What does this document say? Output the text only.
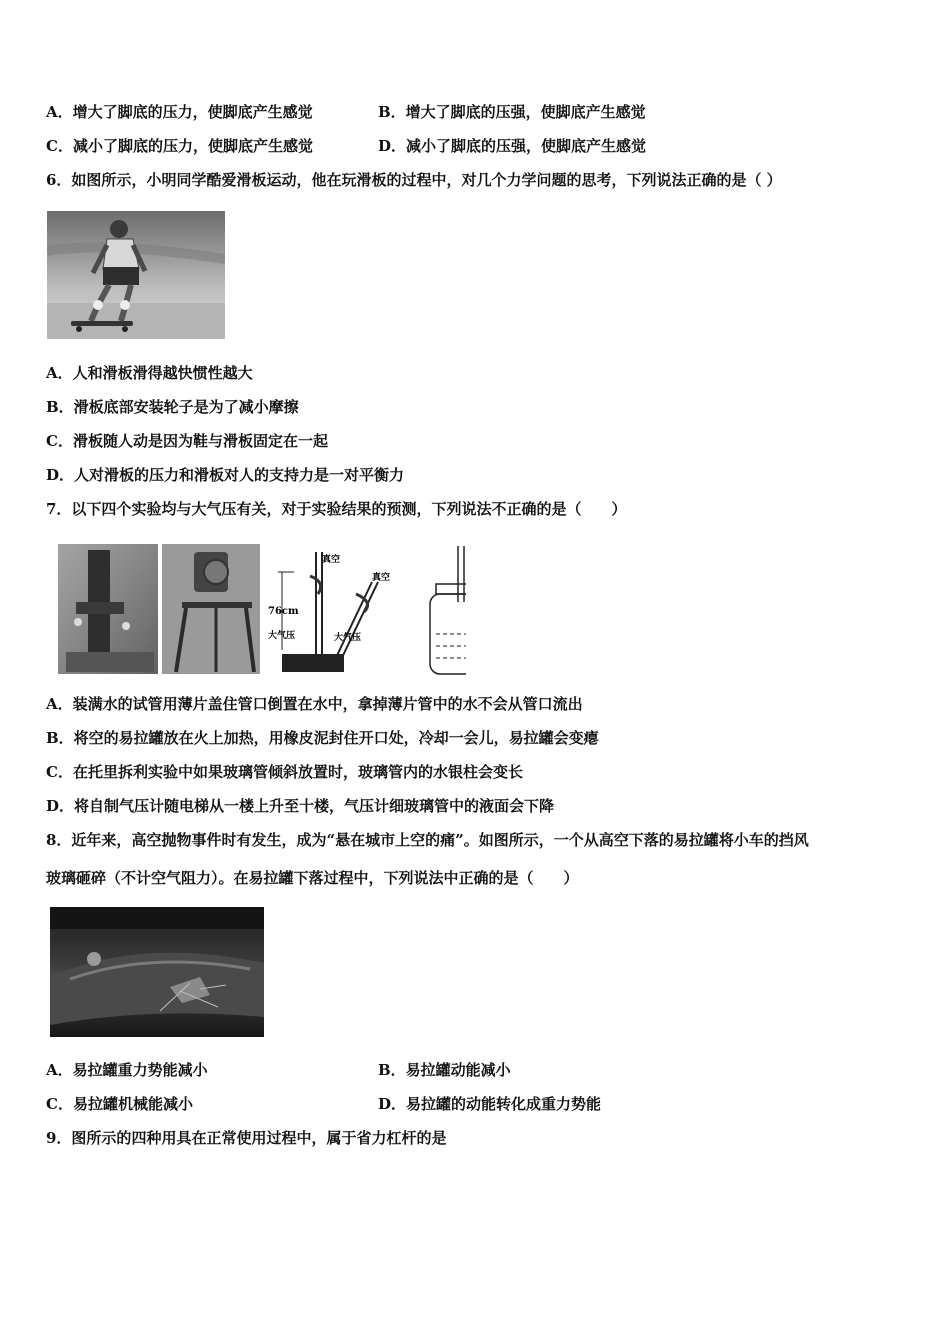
A．增大了脚底的压力，使脚底产生感觉	B．增大了脚底的压强，使脚底产生感觉
C．减小了脚底的压力，使脚底产生感觉	D．减小了脚底的压强，使脚底产生感觉
6．如图所示，小明同学酷爱滑板运动，他在玩滑板的过程中，对几个力学问题的思考，下列说法正确的是（ ）
A．人和滑板滑得越快惯性越大
B．滑板底部安装轮子是为了减小摩擦
C．滑板随人动是因为鞋与滑板固定在一起
D．人对滑板的压力和滑板对人的支持力是一对平衡力
7．以下四个实验均与大气压有关，对于实验结果的预测，下列说法不正确的是（　　）
真空
真空
76cm
大气压	大气压
A．装满水的试管用薄片盖住管口倒置在水中，拿掉薄片管中的水不会从管口流出
B．将空的易拉罐放在火上加热，用橡皮泥封住开口处，冷却一会儿，易拉罐会变瘪
C．在托里拆利实验中如果玻璃管倾斜放置时，玻璃管内的水银柱会变长
D．将自制气压计随电梯从一楼上升至十楼，气压计细玻璃管中的液面会下降
8．近年来，高空抛物事件时有发生，成为“悬在城市上空的痛”。如图所示，一个从高空下落的易拉罐将小车的挡风
玻璃砸碎（不计空气阻力）。在易拉罐下落过程中，下列说法中正确的是（　　）
A．易拉罐重力势能减小	B．易拉罐动能减小
C．易拉罐机械能减小	D．易拉罐的动能转化成重力势能
9．图所示的四种用具在正常使用过程中，属于省力杠杆的是
